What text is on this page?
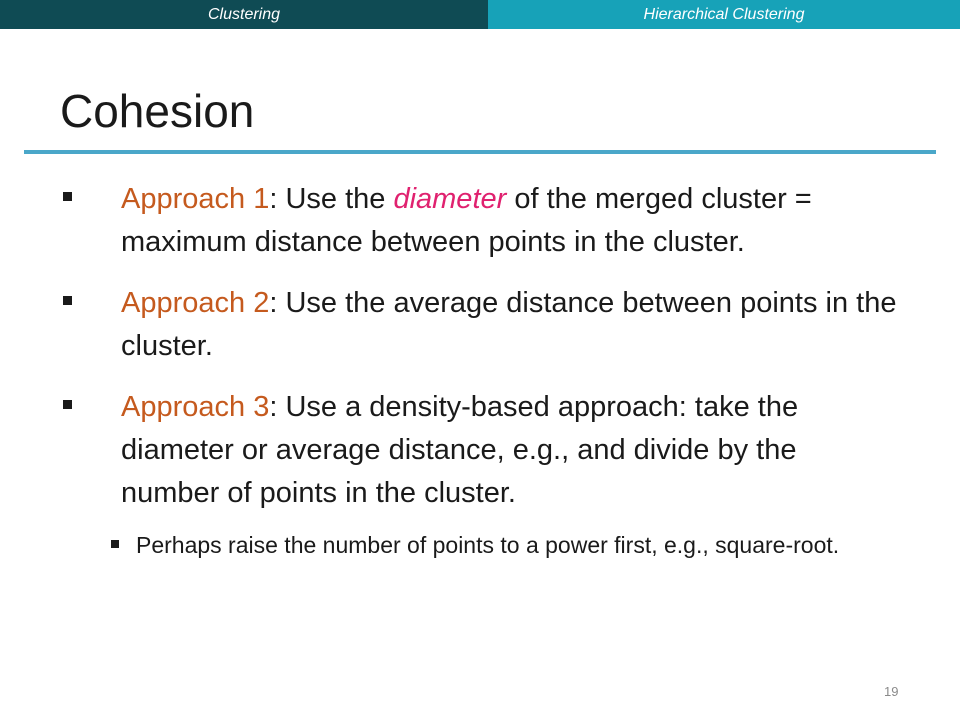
Clustering	Hierarchical Clustering
Cohesion
Approach 1: Use the diameter of the merged cluster = maximum distance between points in the cluster.
Approach 2: Use the average distance between points in the cluster.
Approach 3: Use a density-based approach: take the diameter or average distance, e.g., and divide by the number of points in the cluster.
Perhaps raise the number of points to a power first, e.g., square-root.
19
